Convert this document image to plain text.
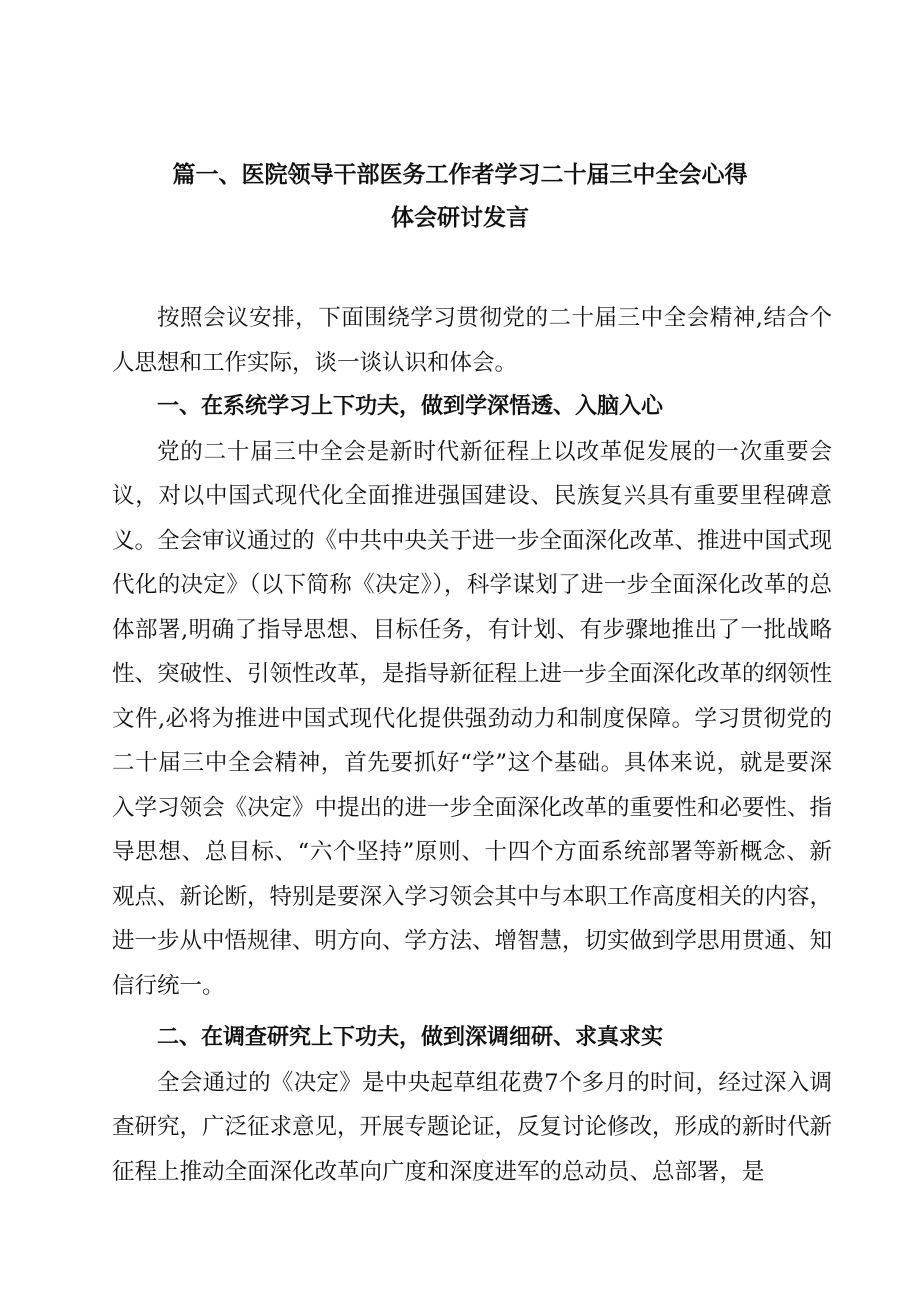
篇一、医院领导干部医务工作者学习二十届三中全会心得
体会研讨发言

按照会议安排，下面围绕学习贯彻党的二十届三中全会精神,结合个人思想和工作实际，谈一谈认识和体会。

一、在系统学习上下功夫，做到学深悟透、入脑入心

党的二十届三中全会是新时代新征程上以改革促发展的一次重要会议，对以中国式现代化全面推进强国建设、民族复兴具有重要里程碑意义。全会审议通过的《中共中央关于进一步全面深化改革、推进中国式现代化的决定》（以下简称《决定》），科学谋划了进一步全面深化改革的总体部署,明确了指导思想、目标任务，有计划、有步骤地推出了一批战略性、突破性、引领性改革，是指导新征程上进一步全面深化改革的纲领性文件,必将为推进中国式现代化提供强劲动力和制度保障。学习贯彻党的二十届三中全会精神，首先要抓好“学”这个基础。具体来说，就是要深入学习领会《决定》中提出的进一步全面深化改革的重要性和必要性、指导思想、总目标、“六个坚持”原则、十四个方面系统部署等新概念、新观点、新论断，特别是要深入学习领会其中与本职工作高度相关的内容，进一步从中悟规律、明方向、学方法、增智慧，切实做到学思用贯通、知信行统一。

二、在调查研究上下功夫，做到深调细研、求真求实

全会通过的《决定》是中央起草组花费7个多月的时间，经过深入调查研究，广泛征求意见，开展专题论证，反复讨论修改，形成的新时代新征程上推动全面深化改革向广度和深度进军的总动员、总部署，是
